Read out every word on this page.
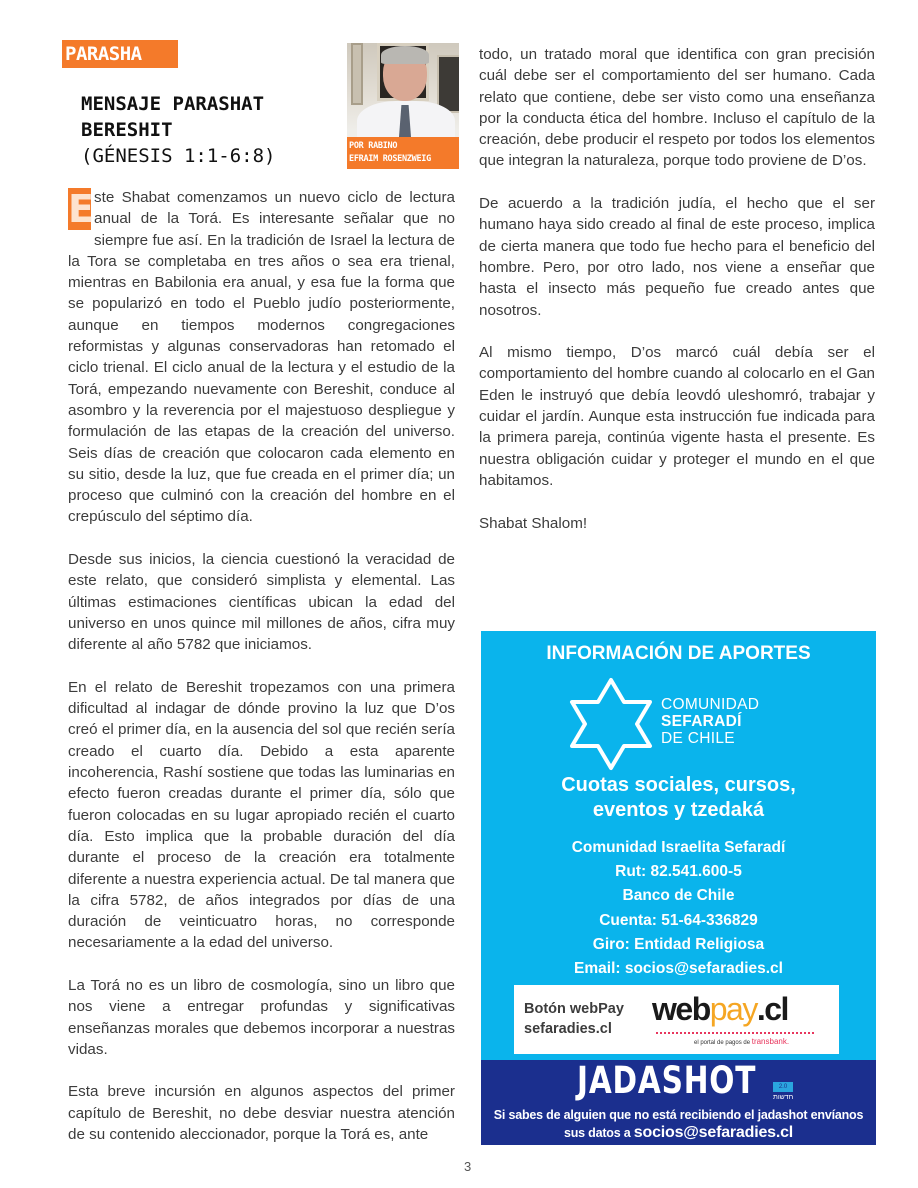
PARASHA
MENSAJE PARASHAT
BERESHIT
(GÉNESIS 1:1-6:8)	POR RABINO
EFRAIM ROSENZWEIG

E ste Shabat comenzamos un nuevo ciclo de lectura anual de la Torá. Es interesante señalar que no siempre fue así. En la tradición de Israel la lectura de la Tora se completaba en tres años o sea era trienal, mientras en Babilonia era anual, y esa fue la forma que se popularizó en todo el Pueblo judío posteriormente, aunque en tiempos modernos congregaciones reformistas y algunas conservadoras han retomado el ciclo trienal. El ciclo anual de la lectura y el estudio de la Torá, empezando nuevamente con Bereshit, conduce al asombro y la reverencia por el majestuoso despliegue y formulación de las etapas de la creación del universo. Seis días de creación que colocaron cada elemento en su sitio, desde la luz, que fue creada en el primer día; un proceso que culminó con la creación del hombre en el crepúsculo del séptimo día.

Desde sus inicios, la ciencia cuestionó la veracidad de este relato, que consideró simplista y elemental. Las últimas estimaciones científicas ubican la edad del universo en unos quince mil millones de años, cifra muy diferente al año 5782 que iniciamos.

En el relato de Bereshit tropezamos con una primera dificultad al indagar de dónde provino la luz que D’os creó el primer día, en la ausencia del sol que recién sería creado el cuarto día. Debido a esta aparente incoherencia, Rashí sostiene que todas las luminarias en efecto fueron creadas durante el primer día, sólo que fueron colocadas en su lugar apropiado recién el cuarto día. Esto implica que la probable duración del día durante el proceso de la creación era totalmente diferente a nuestra experiencia actual. De tal manera que la cifra 5782, de años integrados por días de una duración de veinticuatro horas, no corresponde necesariamente a la edad del universo.

La Torá no es un libro de cosmología, sino un libro que nos viene a entregar profundas y significativas enseñanzas morales que debemos incorporar a nuestras vidas.

Esta breve incursión en algunos aspectos del primer capítulo de Bereshit, no debe desviar nuestra atención de su contenido aleccionador, porque la Torá es, ante

todo, un tratado moral que identifica con gran precisión cuál debe ser el comportamiento del ser humano. Cada relato que contiene, debe ser visto como una enseñanza por la conducta ética del hombre. Incluso el capítulo de la creación, debe producir el respeto por todos los elementos que integran la naturaleza, porque todo proviene de D’os.

De acuerdo a la tradición judía, el hecho que el ser humano haya sido creado al final de este proceso, implica de cierta manera que todo fue hecho para el beneficio del hombre. Pero, por otro lado, nos viene a enseñar que hasta el insecto más pequeño fue creado antes que nosotros.

Al mismo tiempo, D’os marcó cuál debía ser el comportamiento del hombre cuando al colocarlo en el Gan Eden le instruyó que debía leovdó uleshomró, trabajar y cuidar el jardín. Aunque esta instrucción fue indicada para la primera pareja, continúa vigente hasta el presente. Es nuestra obligación cuidar y proteger el mundo en el que habitamos.

Shabat Shalom!

INFORMACIÓN DE APORTES
COMUNIDAD
SEFARADÍ
DE CHILE
Cuotas sociales, cursos,
eventos y tzedaká
Comunidad Israelita Sefaradí
Rut: 82.541.600-5
Banco de Chile
Cuenta: 51-64-336829
Giro: Entidad Religiosa
Email: socios@sefaradies.cl
Botón webPay
sefaradies.cl
webpay.cl
el portal de pagos de transbank.
JADASHOT	2.0
חדשות
Si sabes de alguien que no está recibiendo el jadashot envíanos
sus datos a socios@sefaradies.cl
3
